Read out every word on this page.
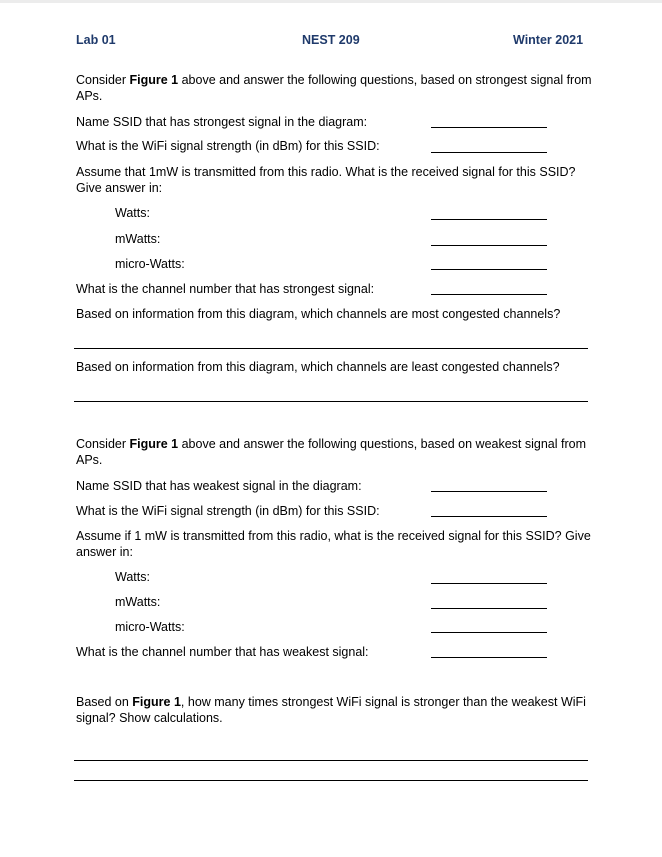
Lab 01	NEST 209	Winter 2021
Consider Figure 1 above and answer the following questions, based on strongest signal from APs.
Name SSID that has strongest signal in the diagram:
What is the WiFi signal strength (in dBm) for this SSID:
Assume that 1mW is transmitted from this radio. What is the received signal for this SSID? Give answer in:
Watts:
mWatts:
micro-Watts:
What is the channel number that has strongest signal:
Based on information from this diagram, which channels are most congested channels?
Based on information from this diagram, which channels are least congested channels?
Consider Figure 1 above and answer the following questions, based on weakest signal from APs.
Name SSID that has weakest signal in the diagram:
What is the WiFi signal strength (in dBm) for this SSID:
Assume if 1 mW is transmitted from this radio, what is the received signal for this SSID? Give answer in:
Watts:
mWatts:
micro-Watts:
What is the channel number that has weakest signal:
Based on Figure 1, how many times strongest WiFi signal is stronger than the weakest WiFi signal? Show calculations.
